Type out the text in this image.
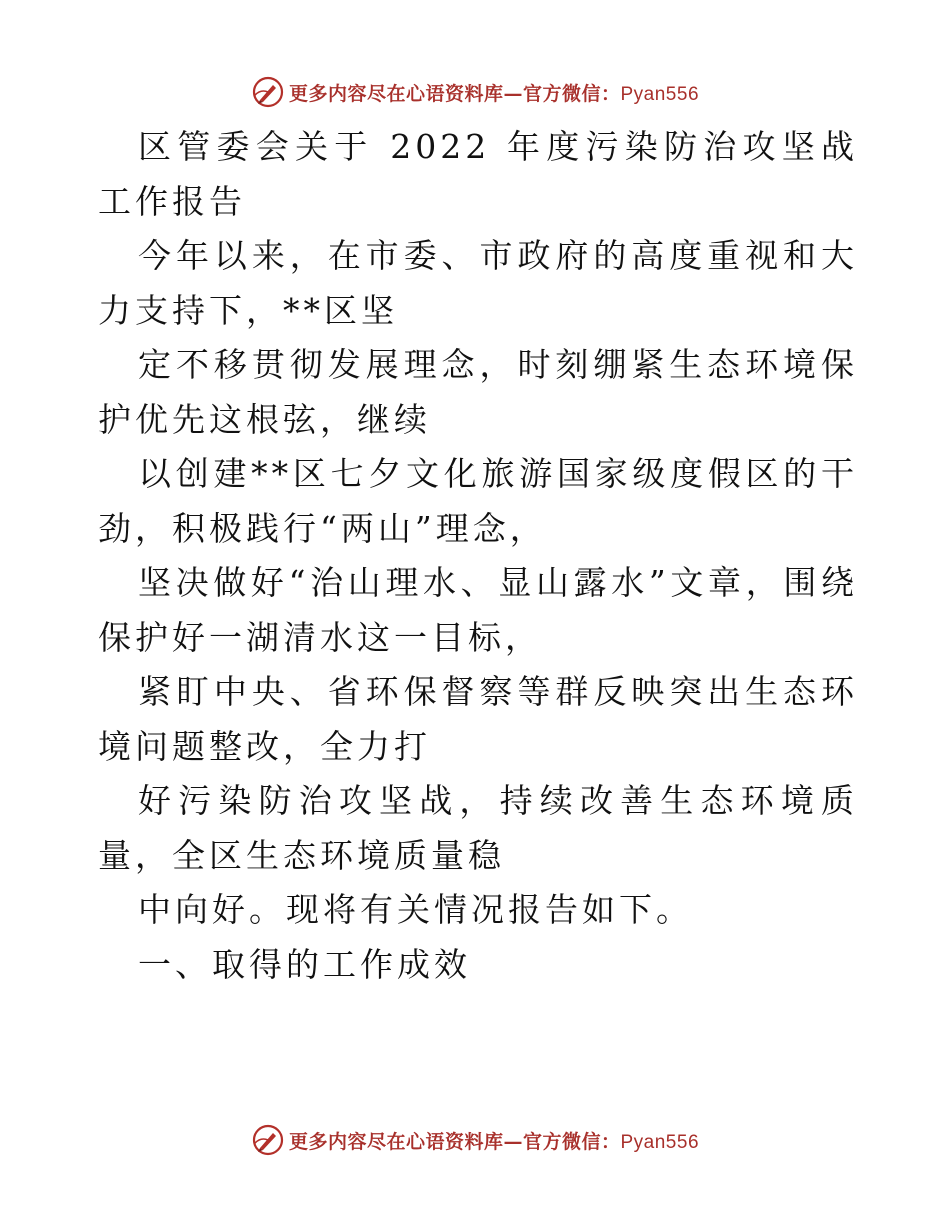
更多内容尽在心语资料库—官方微信：Pyan556

区管委会关于 2022 年度污染防治攻坚战工作报告

今年以来，在市委、市政府的高度重视和大力支持下，**区坚

定不移贯彻发展理念，时刻绷紧生态环境保护优先这根弦，继续

以创建**区七夕文化旅游国家级度假区的干劲，积极践行“两山”理念，

坚决做好“治山理水、显山露水”文章，围绕保护好一湖清水这一目标，

紧盯中央、省环保督察等群反映突出生态环境问题整改，全力打

好污染防治攻坚战，持续改善生态环境质量，全区生态环境质量稳

中向好。现将有关情况报告如下。

一、取得的工作成效

更多内容尽在心语资料库—官方微信：Pyan556
